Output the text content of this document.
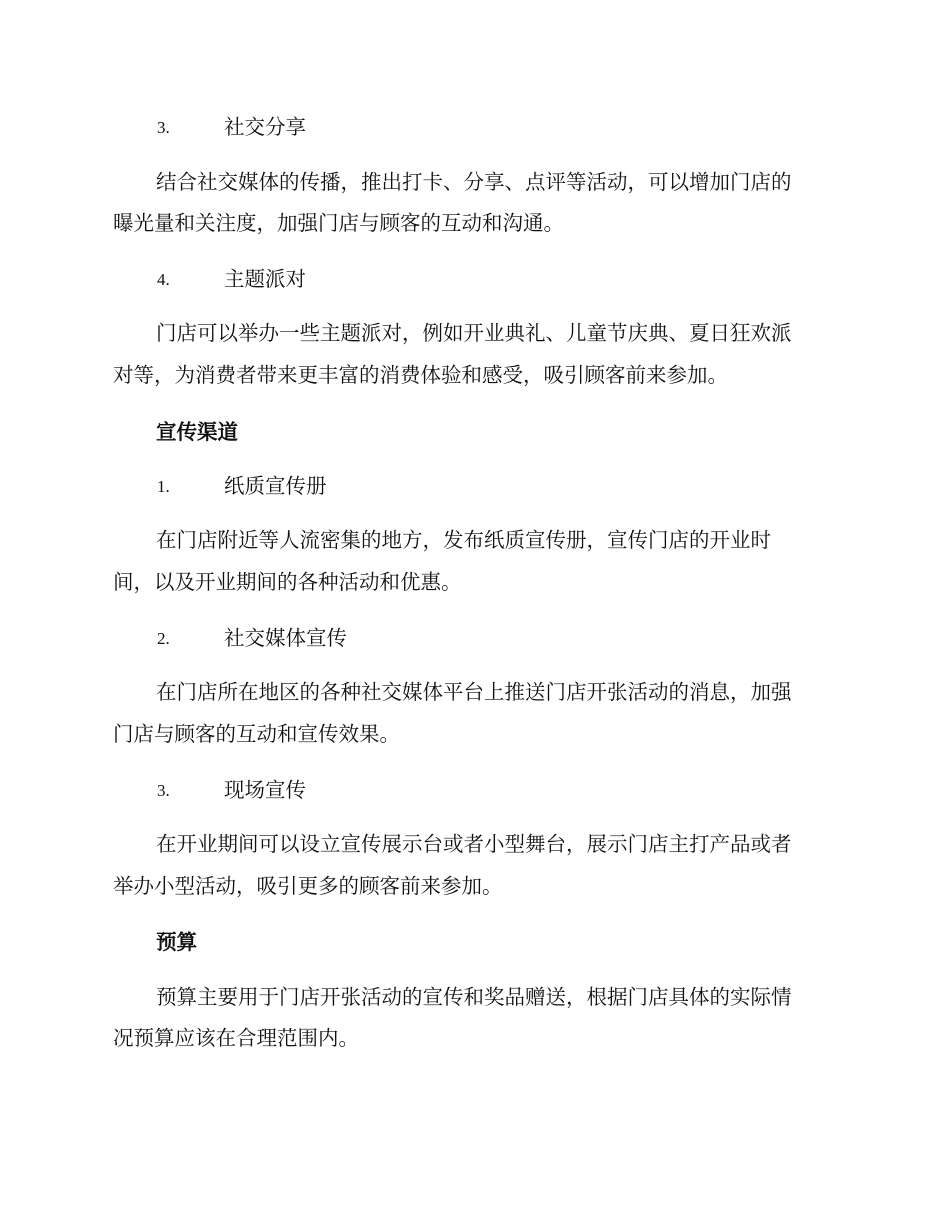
3.	社交分享
结合社交媒体的传播，推出打卡、分享、点评等活动，可以增加门店的
曝光量和关注度，加强门店与顾客的互动和沟通。
4.	主题派对
门店可以举办一些主题派对，例如开业典礼、儿童节庆典、夏日狂欢派
对等，为消费者带来更丰富的消费体验和感受，吸引顾客前来参加。
宣传渠道
1.	纸质宣传册
在门店附近等人流密集的地方，发布纸质宣传册，宣传门店的开业时
间，以及开业期间的各种活动和优惠。
2.	社交媒体宣传
在门店所在地区的各种社交媒体平台上推送门店开张活动的消息，加强
门店与顾客的互动和宣传效果。
3.	现场宣传
在开业期间可以设立宣传展示台或者小型舞台，展示门店主打产品或者
举办小型活动，吸引更多的顾客前来参加。
预算
预算主要用于门店开张活动的宣传和奖品赠送，根据门店具体的实际情
况预算应该在合理范围内。
